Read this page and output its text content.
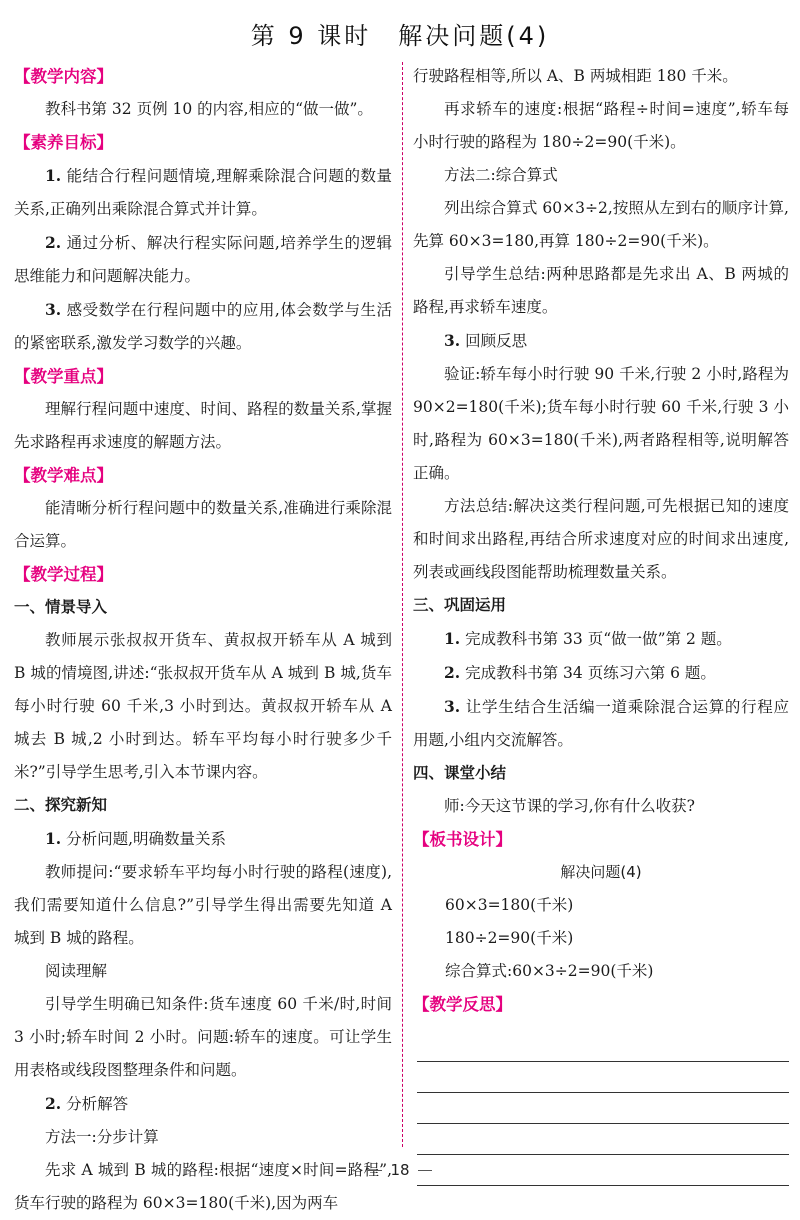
第 9 课时　解决问题(4)
【教学内容】

教科书第 32 页例 10 的内容,相应的“做一做”。

【素养目标】

1. 能结合行程问题情境,理解乘除混合问题的数量关系,正确列出乘除混合算式并计算。

2. 通过分析、解决行程实际问题,培养学生的逻辑思维能力和问题解决能力。

3. 感受数学在行程问题中的应用,体会数学与生活的紧密联系,激发学习数学的兴趣。

【教学重点】

理解行程问题中速度、时间、路程的数量关系,掌握先求路程再求速度的解题方法。

【教学难点】

能清晰分析行程问题中的数量关系,准确进行乘除混合运算。

【教学过程】
一、情景导入

教师展示张叔叔开货车、黄叔叔开轿车从 A 城到 B 城的情境图,讲述:“张叔叔开货车从 A 城到 B 城,货车每小时行驶 60 千米,3 小时到达。黄叔叔开轿车从 A 城去 B 城,2 小时到达。轿车平均每小时行驶多少千米?”引导学生思考,引入本节课内容。

二、探究新知

1. 分析问题,明确数量关系

教师提问:“要求轿车平均每小时行驶的路程(速度),我们需要知道什么信息?”引导学生得出需要先知道 A 城到 B 城的路程。

阅读理解

引导学生明确已知条件:货车速度 60 千米/时,时间 3 小时;轿车时间 2 小时。问题:轿车的速度。可让学生用表格或线段图整理条件和问题。

2. 分析解答

方法一:分步计算

先求 A 城到 B 城的路程:根据“速度×时间=路程”,货车行驶的路程为 60×3=180(千米),因为两车

行驶路程相等,所以 A、B 两城相距 180 千米。

再求轿车的速度:根据“路程÷时间=速度”,轿车每小时行驶的路程为 180÷2=90(千米)。

方法二:综合算式

列出综合算式 60×3÷2,按照从左到右的顺序计算,先算 60×3=180,再算 180÷2=90(千米)。

引导学生总结:两种思路都是先求出 A、B 两城的路程,再求轿车速度。

3. 回顾反思

验证:轿车每小时行驶 90 千米,行驶 2 小时,路程为 90×2=180(千米);货车每小时行驶 60 千米,行驶 3 小时,路程为 60×3=180(千米),两者路程相等,说明解答正确。

方法总结:解决这类行程问题,可先根据已知的速度和时间求出路程,再结合所求速度对应的时间求出速度,列表或画线段图能帮助梳理数量关系。

三、巩固运用

1. 完成教科书第 33 页“做一做”第 2 题。

2. 完成教科书第 34 页练习六第 6 题。

3. 让学生结合生活编一道乘除混合运算的行程应用题,小组内交流解答。

四、课堂小结

师:今天这节课的学习,你有什么收获?

【板书设计】
解决问题(4)
60×3=180(千米)
180÷2=90(千米)
综合算式:60×3÷2=90(千米)
【教学反思】
18
